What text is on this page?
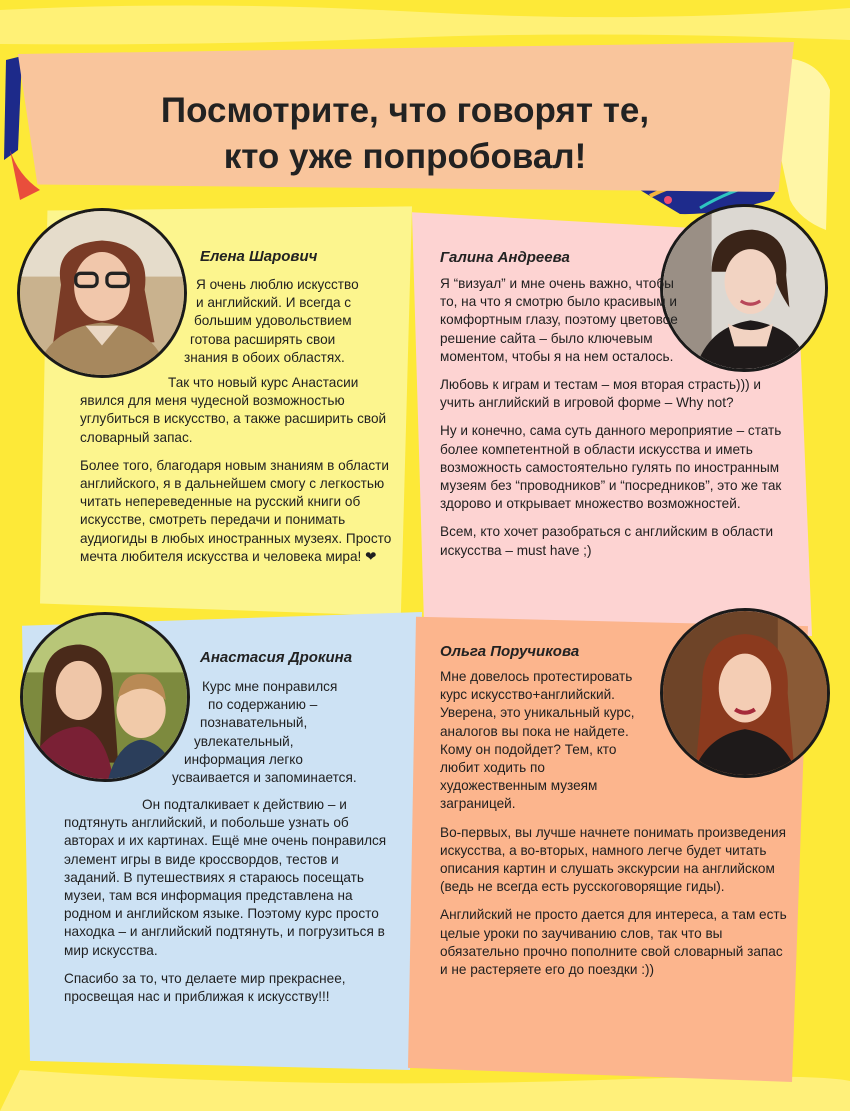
Посмотрите, что говорят те,
кто уже попробовал!

Елена Шарович

Я очень люблю искусство
и английский. И всегда с
большим удовольствием
готова расширять свои
знания в обоих областях.

Так что новый курс Анастасии явился для меня чудесной возможностью углубиться в искусство, а также расширить свой словарный запас.

Более того, благодаря новым знаниям в области английского, я в дальнейшем смогу с легкостью читать непереведенные на русский книги об искусстве, смотреть передачи и понимать аудиогиды в любых иностранных музеях. Просто мечта любителя искусства и человека мира! ❤

Галина Андреева

Я “визуал” и мне очень важно, чтобы то, на что я смотрю было красивым и комфортным глазу, поэтому цветовое решение сайта – было ключевым моментом, чтобы я на нем осталось.

Любовь к играм и тестам – моя вторая страсть))) и учить английский в игровой форме – Why not?

Ну и конечно, сама суть данного мероприятие – стать более компетентной в области искусства и иметь возможность самостоятельно гулять по иностранным музеям без “проводников” и “посредников”, это же так здорово и открывает множество возможностей.

Всем, кто хочет разобраться с английским в области искусства – must have ;)

Анастасия Дрокина

Курс мне понравился
по содержанию –
познавательный,
увлекательный,
информация легко
усваивается и запоминается.

Он подталкивает к действию – и подтянуть английский, и побольше узнать об авторах и их картинах. Ещё мне очень понравился элемент игры в виде кроссвордов, тестов и заданий. В путешествиях я стараюсь посещать музеи, там вся информация представлена на родном и английском языке. Поэтому курс просто находка – и английский подтянуть, и погрузиться в мир искусства.

Спасибо за то, что делаете мир прекраснее, просвещая нас и приближая к искусству!!!

Ольга Поручикова

Мне довелось протестировать курс искусство+английский. Уверена, это уникальный курс, аналогов вы пока не найдете. Кому он подойдет? Тем, кто любит ходить по художественным музеям заграницей.

Во-первых, вы лучше начнете понимать произведения искусства, а во-вторых, намного легче будет читать описания картин и слушать экскурсии на английском (ведь не всегда есть русскоговорящие гиды).

Английский не просто дается для интереса, а там есть целые уроки по заучиванию слов, так что вы обязательно прочно пополните свой словарный запас и не растеряете его до поездки :))
